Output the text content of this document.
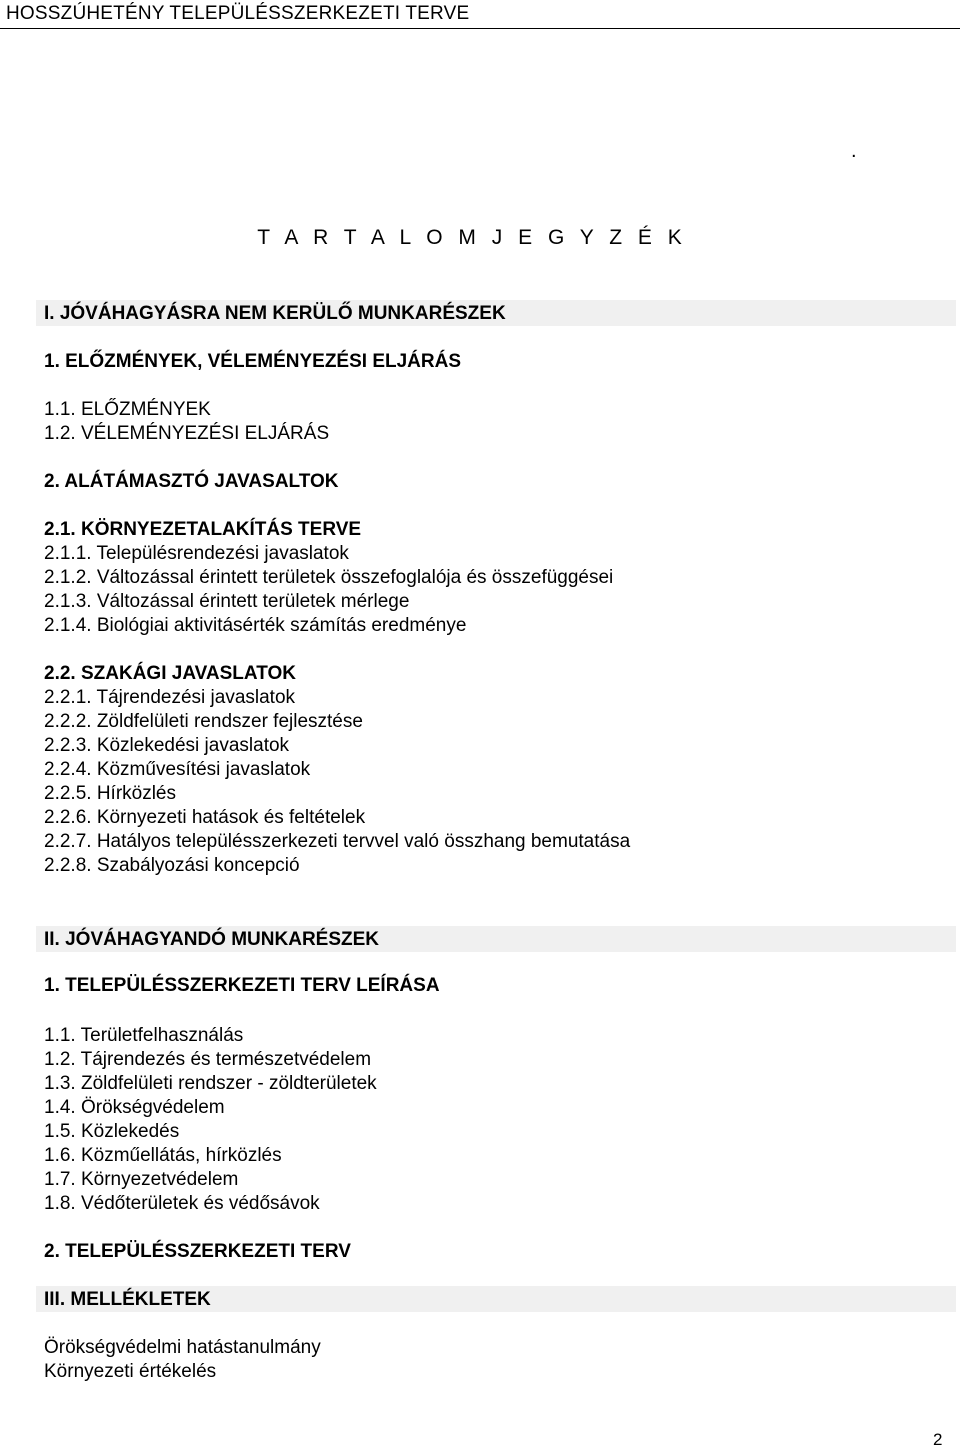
HOSSZÚHETÉNY TELEPÜLÉSSZERKEZETI TERVE
.
T A R T A L O M J E G Y Z É K
I. JÓVÁHAGYÁSRA NEM KERÜLŐ MUNKARÉSZEK
1. ELŐZMÉNYEK, VÉLEMÉNYEZÉSI ELJÁRÁS
1.1. ELŐZMÉNYEK
1.2. VÉLEMÉNYEZÉSI ELJÁRÁS
2. ALÁTÁMASZTÓ JAVASALTOK
2.1. KÖRNYEZETALAKÍTÁS TERVE
2.1.1. Településrendezési javaslatok
2.1.2. Változással érintett területek összefoglalója és összefüggései
2.1.3. Változással érintett területek mérlege
2.1.4. Biológiai aktivitásérték számítás eredménye
2.2. SZAKÁGI JAVASLATOK
2.2.1. Tájrendezési javaslatok
2.2.2. Zöldfelületi rendszer fejlesztése
2.2.3. Közlekedési javaslatok
2.2.4. Közművesítési javaslatok
2.2.5. Hírközlés
2.2.6. Környezeti hatások és feltételek
2.2.7. Hatályos településszerkezeti tervvel való összhang bemutatása
2.2.8. Szabályozási koncepció
II. JÓVÁHAGYANDÓ MUNKARÉSZEK
1. TELEPÜLÉSSZERKEZETI TERV LEÍRÁSA
1.1. Területfelhasználás
1.2. Tájrendezés és természetvédelem
1.3. Zöldfelületi rendszer - zöldterületek
1.4. Örökségvédelem
1.5. Közlekedés
1.6. Közműellátás, hírközlés
1.7. Környezetvédelem
1.8. Védőterületek és védősávok
2. TELEPÜLÉSSZERKEZETI TERV
III. MELLÉKLETEK
Örökségvédelmi hatástanulmány
Környezeti értékelés
2
